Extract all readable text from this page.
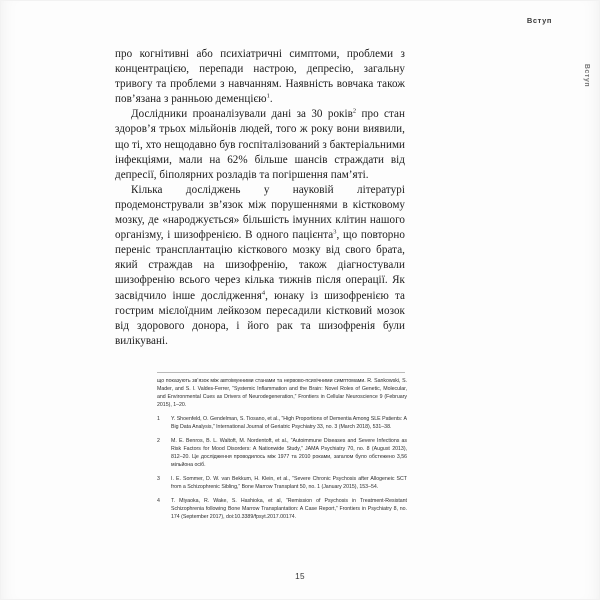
Вступ
Вступ

про когнітивні або психіатричні симптоми, проблеми з концентрацією, перепади настрою, депресію, загальну тривогу та проблеми з навчанням. Наявність вовчака також пов’язана з ранньою деменцією$^1$.

Дослідники проаналізували дані за 30 років$^2$ про стан здоров’я трьох мільйонів людей, того ж року вони виявили, що ті, хто нещодавно був госпіталізований з бактеріальними інфекціями, мали на 62% більше шансів страждати від депресії, біполярних розладів та погіршення пам’яті.

Кілька досліджень у науковій літературі продемонстрували зв’язок між порушеннями в кістковому мозку, де «народжується» більшість імунних клітин нашого організму, і шизофренією. В одного пацієнта$^3$, що повторно переніс трансплантацію кісткового мозку від свого брата, який страждав на шизофренію, також діагностували шизофренію всього через кілька тижнів після операції. Як засвідчило інше дослідження$^4$, юнаку із шизофренією та гострим мієлоїдним лейкозом пересадили кістковий мозок від здорового донора, і його рак та шизофренія були вилікувані.

що показують зв’язок між автоімунними станами та нервово-психічними симптомами. R. Sankowski, S. Mader, and S. I. Valdes-Ferrer, “Systemic Inflammation and the Brain: Novel Roles of Genetic, Molecular, and Environmental Cues as Drivers of Neurodegeneration,” Frontiers in Cellular Neuroscience 9 (February 2015), 1–20.

1	Y. Shoenfeld, O. Gendelman, S. Tiosano, et al., “High Proportions of Dementia Among SLE Patients: A Big Data Analysis,” International Journal of Geriatric Psychiatry 33, no. 3 (March 2018), 531–38.
2	M. E. Benros, B. L. Waltoft, M. Nordentoft, et al., “Autoimmune Diseases and Severe Infections as Risk Factors for Mood Disorders: A Nationwide Study,” JAMA Psychiatry 70, no. 8 (August 2013), 812–20. Це дослідження проводилось між 1977 та 2010 роками, загалом було обстежено 3,56 мільйона осіб.
3	I. E. Sommer, D. W. van Bekkum, H. Klein, et al., “Severe Chronic Psychosis after Allogeneic SCT from a Schizophrenic Sibling,” Bone Marrow Transplant 50, no. 1 (January 2015), 153–54.
4	T. Miyaoka, R. Wake, S. Hashioka, et al, “Remission of Psychosis in Treatment-Resistant Schizophrenia following Bone Marrow Transplantation: A Case Report,” Frontiers in Psychiatry 8, no. 174 (September 2017), doi:10.3389/fpsyt.2017.00174.
15
